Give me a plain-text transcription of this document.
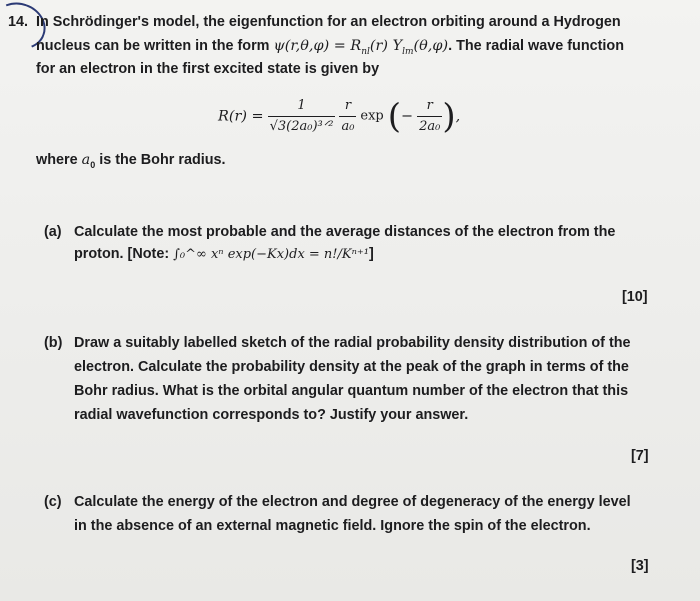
14. In Schrödinger's model, the eigenfunction for an electron orbiting around a Hydrogen
nucleus can be written in the form $\psi(r,\theta,\varphi) = R_{nl}(r)$ $Y_{lm}(\theta,\varphi)$. The radial wave function
for an electron in the first excited state is given by
$R(r) = \frac{1}{\text{√3(2a₀)³ᐟ²}}$
$\frac{r}{\text{a₀}}$ exp (− $\frac{r}{\text{2a₀}}$ ),
where $a_0$ is the Bohr radius.
(a) Calculate the most probable and the average distances of the electron from the
proton. [Note: ∫₀^∞ xⁿ exp(−Kx)dx = n!/Kⁿ⁺¹]
[10]
(b) Draw a suitably labelled sketch of the radial probability density distribution of the
electron. Calculate the probability density at the peak of the graph in terms of the
Bohr radius. What is the orbital angular quantum number of the electron that this
radial wavefunction corresponds to? Justify your answer.
[7]
(c) Calculate the energy of the electron and degree of degeneracy of the energy level
in the absence of an external magnetic field. Ignore the spin of the electron.
[3]
